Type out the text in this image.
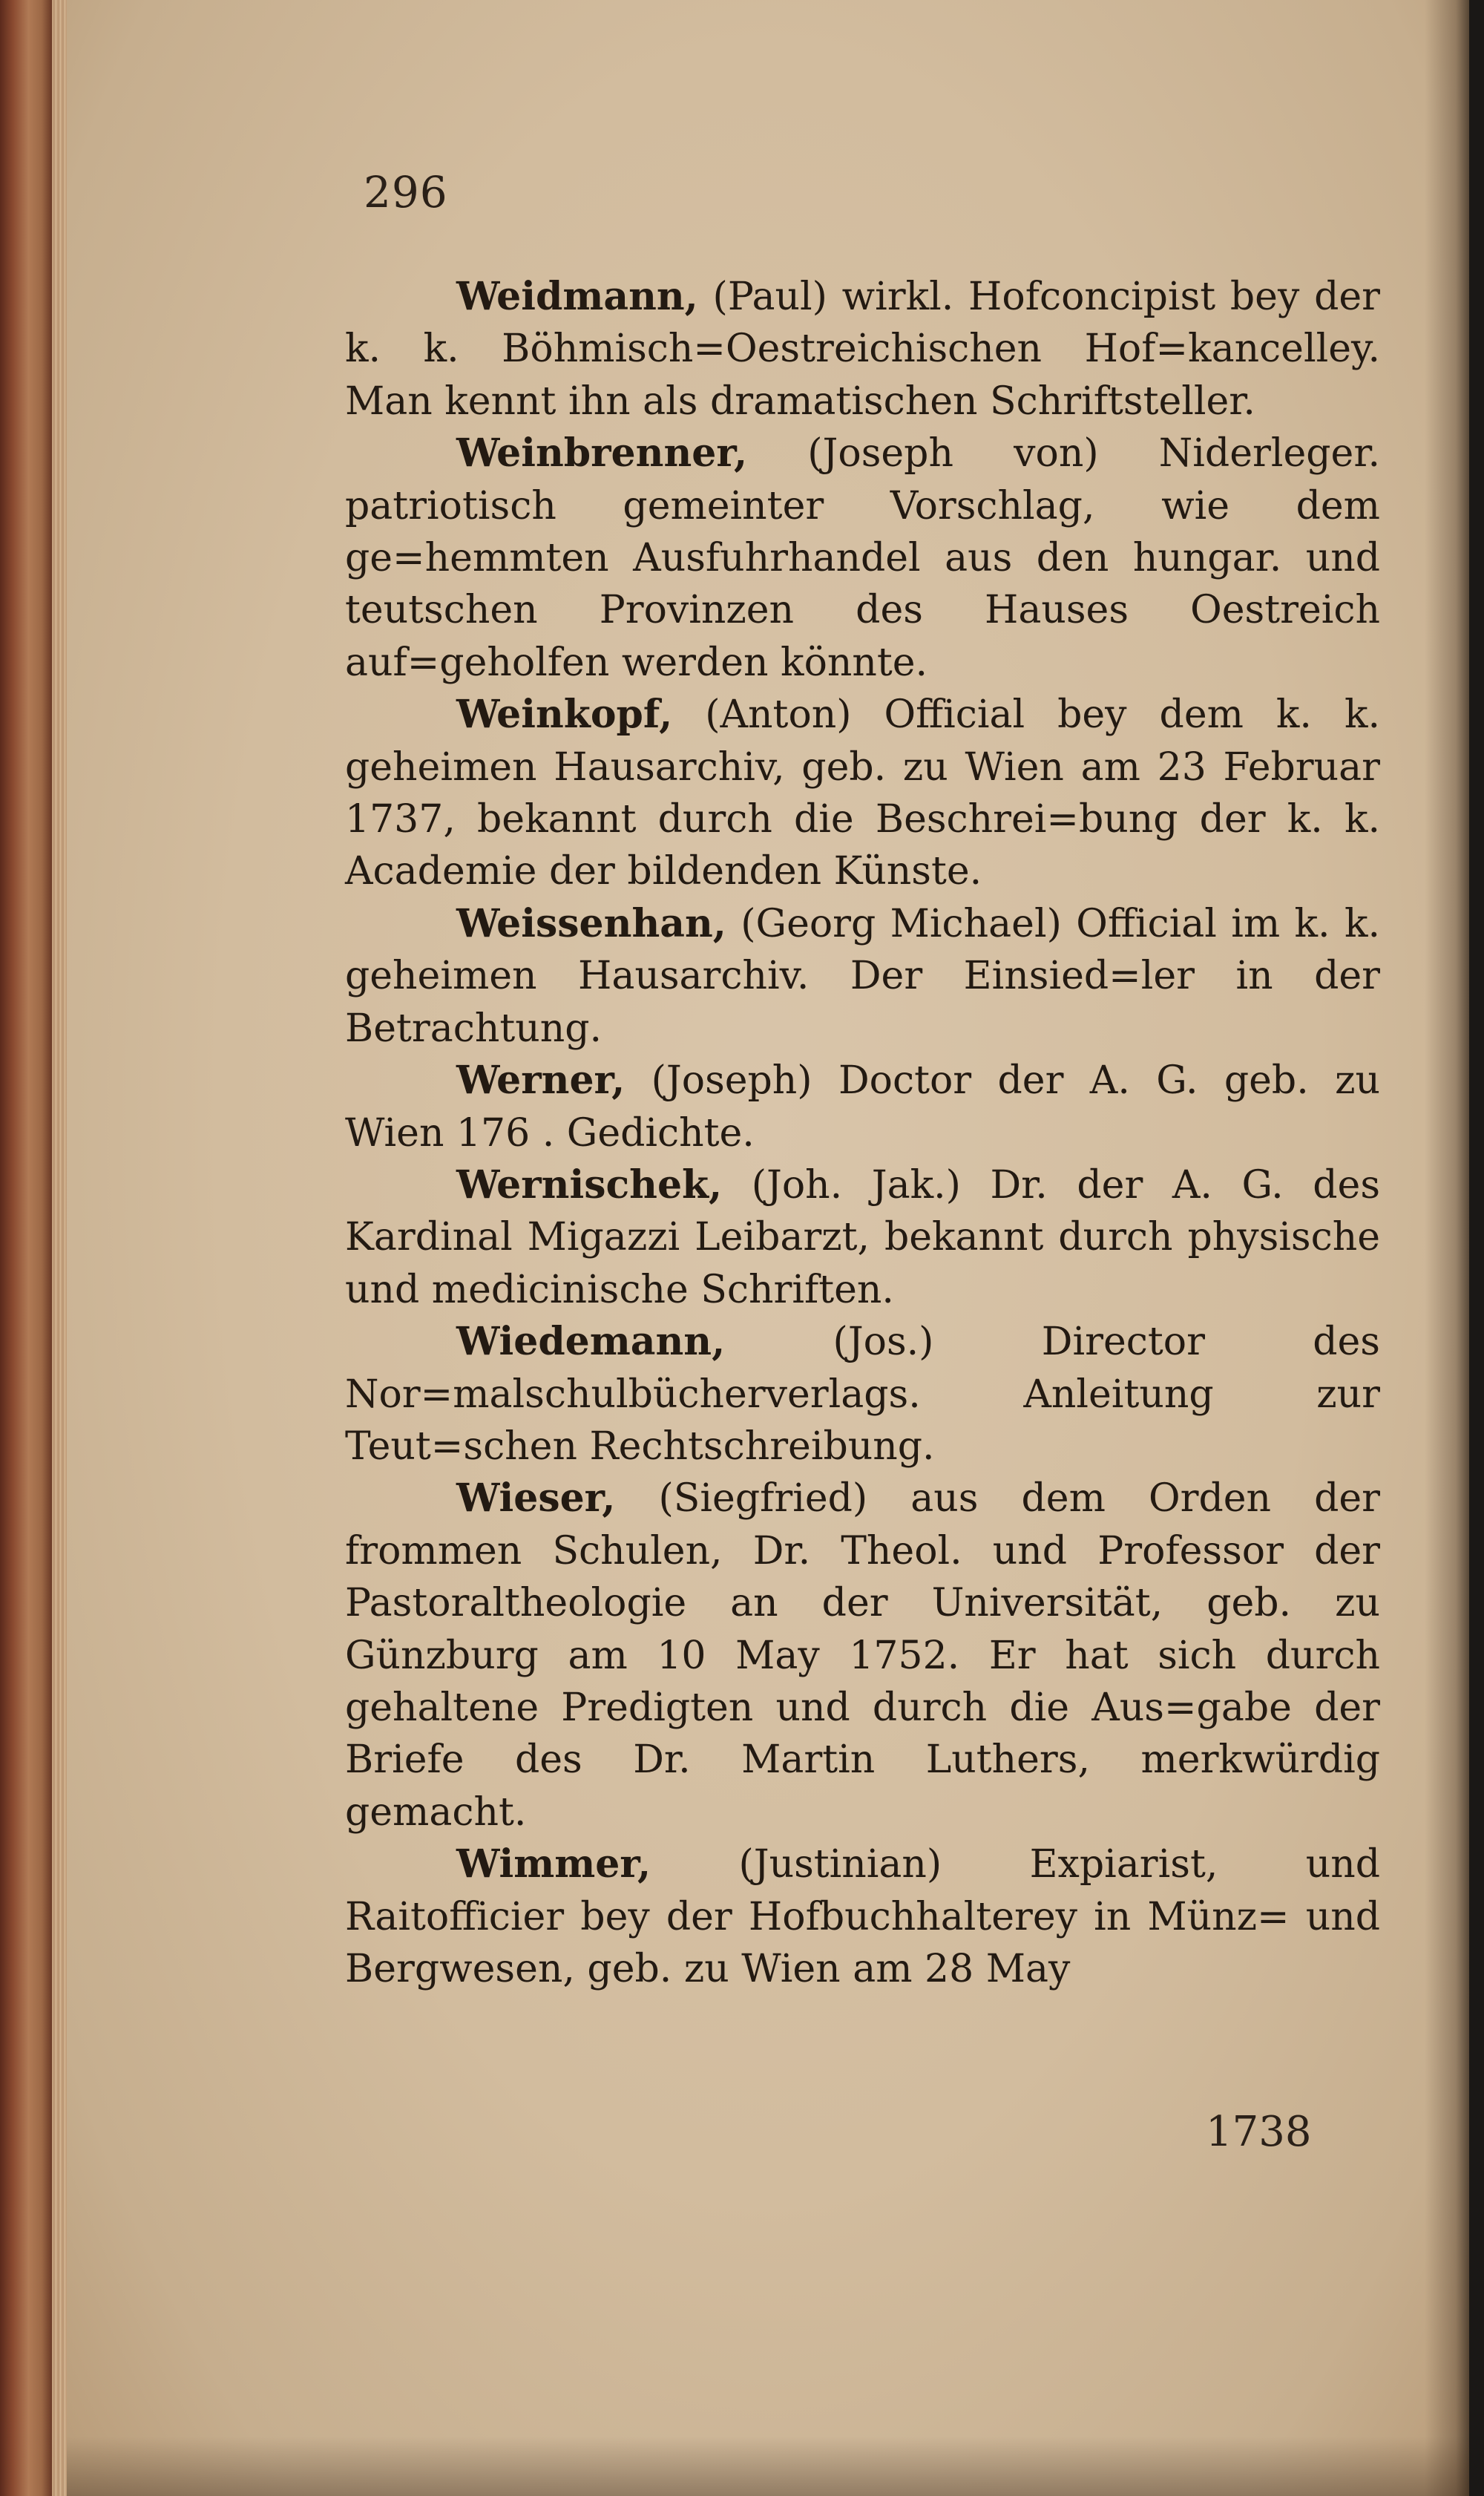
296

Weidmann, (Paul) wirkl. Hofconcipist bey der k. k. Böhmisch=Oestreichischen Hof=kancelley. Man kennt ihn als dramatischen Schriftsteller.

Weinbrenner, (Joseph von) Niderleger. patriotisch gemeinter Vorschlag, wie dem ge=hemmten Ausfuhrhandel aus den hungar. und teutschen Provinzen des Hauses Oestreich auf=geholfen werden könnte.

Weinkopf, (Anton) Official bey dem k. k. geheimen Hausarchiv, geb. zu Wien am 23 Februar 1737, bekannt durch die Beschrei=bung der k. k. Academie der bildenden Künste.

Weissenhan, (Georg Michael) Official im k. k. geheimen Hausarchiv. Der Einsied=ler in der Betrachtung.

Werner, (Joseph) Doctor der A. G. geb. zu Wien 176 . Gedichte.

Wernischek, (Joh. Jak.) Dr. der A. G. des Kardinal Migazzi Leibarzt, bekannt durch physische und medicinische Schriften.

Wiedemann,	(Jos.) Director des Nor=malschulbücherverlags. Anleitung zur Teut=schen Rechtschreibung.

Wieser, (Siegfried) aus dem Orden der frommen Schulen, Dr. Theol. und Professor der Pastoraltheologie an der Universität, geb. zu Günzburg am 10 May 1752. Er hat sich durch gehaltene Predigten und durch die Aus=gabe der Briefe des Dr. Martin Luthers, merkwürdig gemacht.

Wimmer, (Justinian) Expiarist, und Raitofficier bey der Hofbuchhalterey in Münz= und Bergwesen, geb. zu Wien am 28 May

1738
